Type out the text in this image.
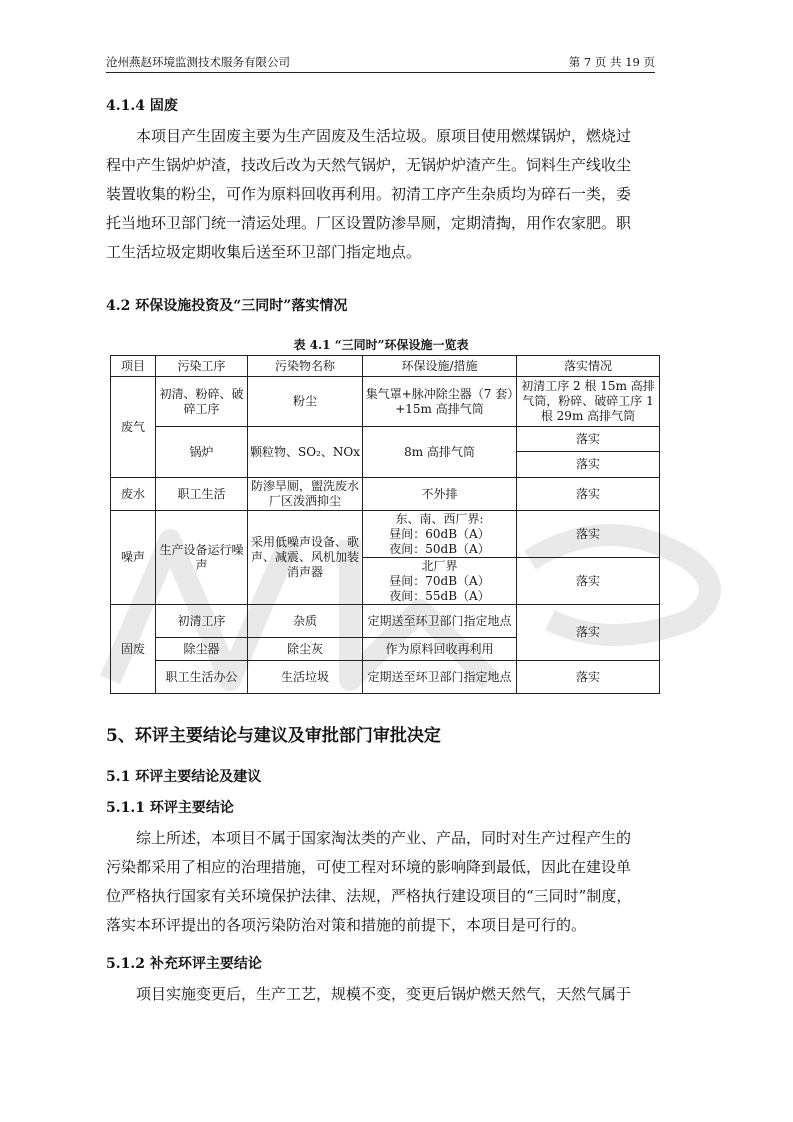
沧州燕赵环境监测技术服务有限公司	第 7 页 共 19 页
4.1.4 固废
本项目产生固废主要为生产固废及生活垃圾。原项目使用燃煤锅炉，燃烧过
程中产生锅炉炉渣，技改后改为天然气锅炉，无锅炉炉渣产生。饲料生产线收尘
装置收集的粉尘，可作为原料回收再利用。初清工序产生杂质均为碎石一类，委
托当地环卫部门统一清运处理。厂区设置防渗旱厕，定期清掏，用作农家肥。职
工生活垃圾定期收集后送至环卫部门指定地点。
4.2 环保设施投资及“三同时”落实情况
表 4.1 “三同时”环保设施一览表
项目	污染工序	污染物名称	环保设施/措施	落实情况
废气	初清、粉碎、破碎工序	粉尘	集气罩+脉冲除尘器（7 套）+15m 高排气筒	初清工序 2 根 15m 高排气筒，粉碎、破碎工序 1 根 29m 高排气筒
	锅炉	颗粒物、SO₂、NOx	8m 高排气筒	落实
				落实
废水	职工生活	防渗旱厕，盥洗废水厂区泼洒抑尘	不外排	落实
噪声	生产设备运行噪声	采用低噪声设备、歌声、减震、风机加装消声器	东、南、西厂界:
昼间：60dB（A）
夜间：50dB（A）	落实

			北厂界
昼间：70dB（A）
夜间：55dB（A）	落实
固废	初清工序	杂质	定期送至环卫部门指定地点	落实
	除尘器	除尘灰	作为原料回收再利用	
	职工生活办公	生活垃圾	定期送至环卫部门指定地点	落实
5、环评主要结论与建议及审批部门审批决定
5.1 环评主要结论及建议
5.1.1 环评主要结论
综上所述，本项目不属于国家淘汰类的产业、产品，同时对生产过程产生的
污染都采用了相应的治理措施，可使工程对环境的影响降到最低，因此在建设单
位严格执行国家有关环境保护法律、法规，严格执行建设项目的“三同时”制度，
落实本环评提出的各项污染防治对策和措施的前提下，本项目是可行的。
5.1.2 补充环评主要结论
项目实施变更后，生产工艺，规模不变，变更后锅炉燃天然气，天然气属于
